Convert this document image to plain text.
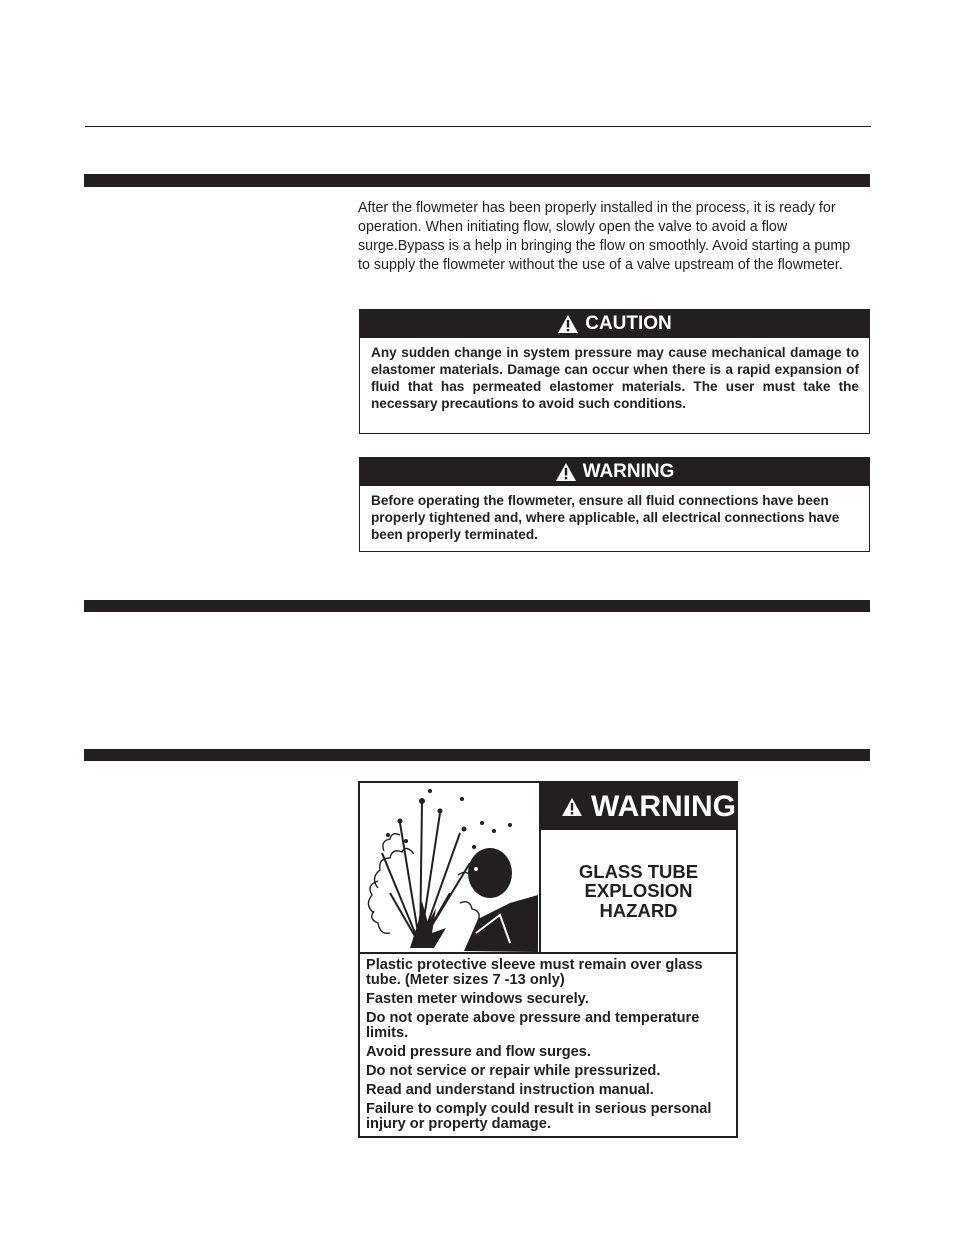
After the flowmeter has been properly installed in the process, it is ready for operation. When initiating flow, slowly open the valve to avoid a flow surge.Bypass is a help in bringing the flow on smoothly. Avoid starting a pump to supply the flowmeter without the use of a valve upstream of the flowmeter.

CAUTION
Any sudden change in system pressure may cause mechanical damage to elastomer materials. Damage can occur when there is a rapid expansion of fluid that has permeated elastomer materials. The user must take the necessary precautions to avoid such conditions.
WARNING
Before operating the flowmeter, ensure all fluid connections have been properly tightened and, where applicable, all electrical connections have been properly terminated.
WARNING
GLASS TUBE
EXPLOSION
HAZARD
Plastic protective sleeve must remain over glass tube. (Meter sizes 7 -13 only)
Fasten meter windows securely.
Do not operate above pressure and temperature limits.
Avoid pressure and flow surges.
Do not service or repair while pressurized.
Read and understand instruction manual.
Failure to comply could result in serious personal injury or property damage.
